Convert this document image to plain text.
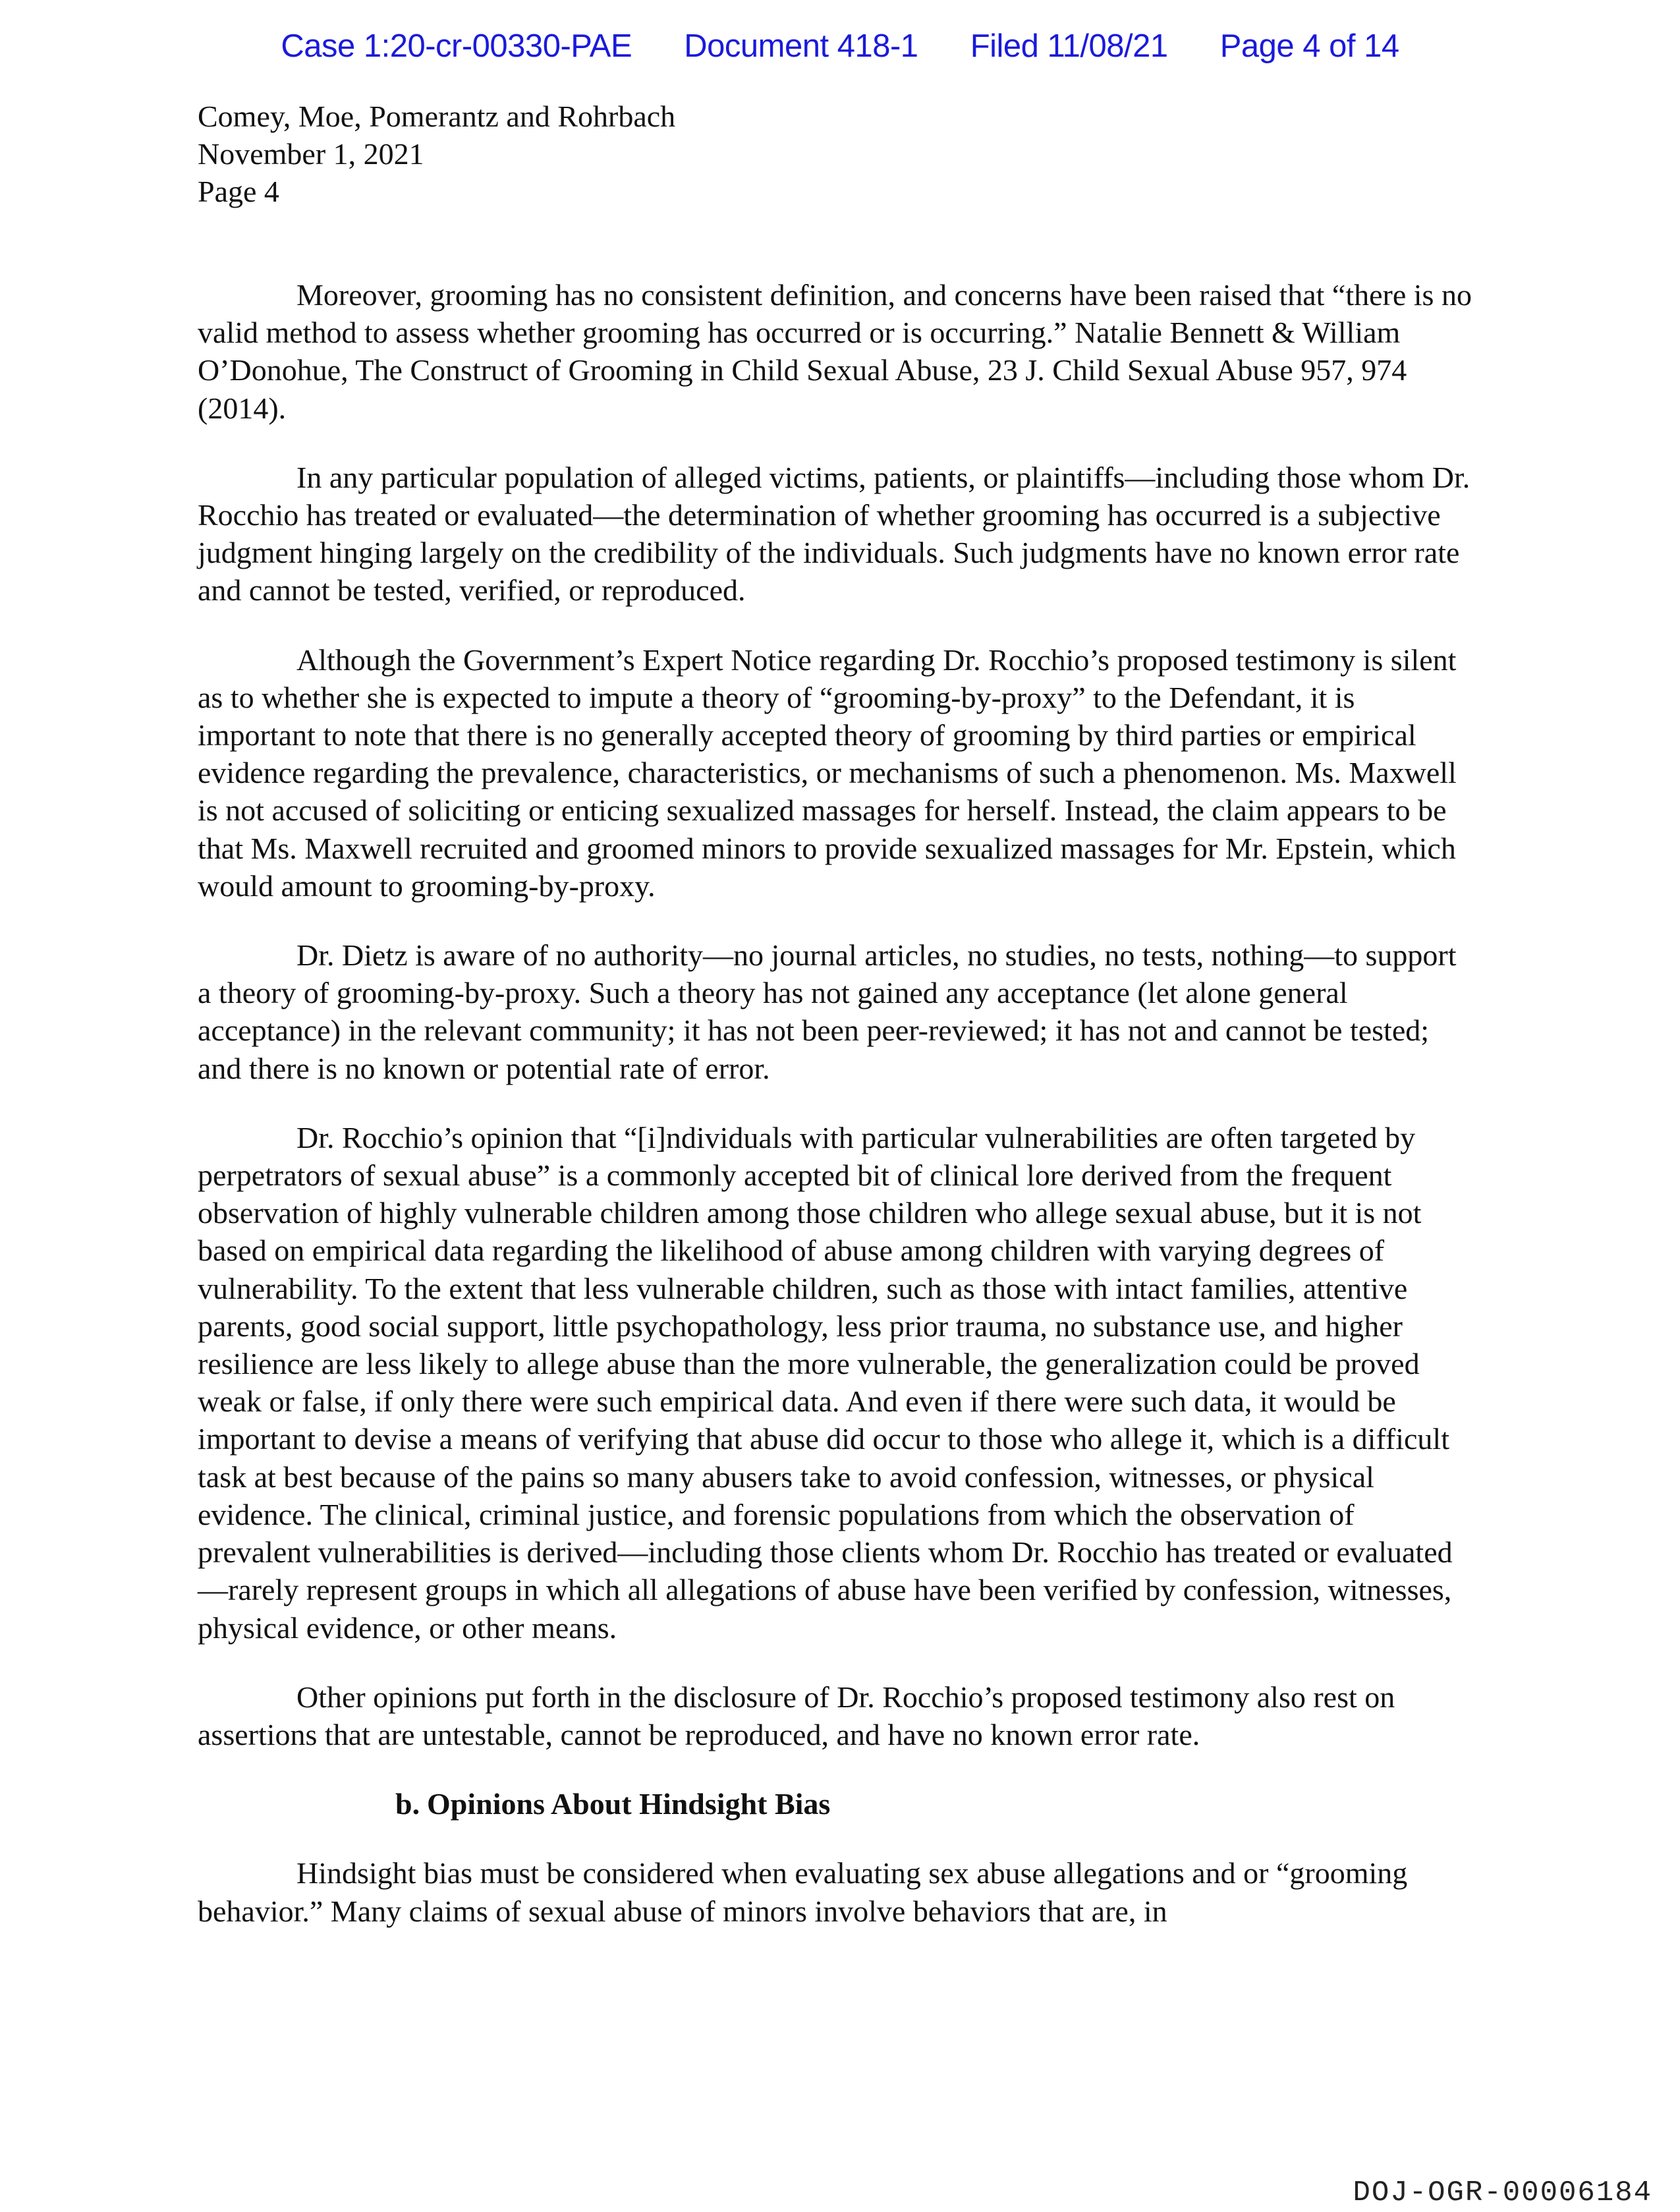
Case 1:20-cr-00330-PAE Document 418-1 Filed 11/08/21 Page 4 of 14
Comey, Moe, Pomerantz and Rohrbach
November 1, 2021
Page 4

Moreover, grooming has no consistent definition, and concerns have been raised that “there is no valid method to assess whether grooming has occurred or is occurring.” Natalie Bennett & William O’Donohue, The Construct of Grooming in Child Sexual Abuse, 23 J. Child Sexual Abuse 957, 974 (2014).

In any particular population of alleged victims, patients, or plaintiffs—including those whom Dr. Rocchio has treated or evaluated—the determination of whether grooming has occurred is a subjective judgment hinging largely on the credibility of the individuals. Such judgments have no known error rate and cannot be tested, verified, or reproduced.

Although the Government’s Expert Notice regarding Dr. Rocchio’s proposed testimony is silent as to whether she is expected to impute a theory of “grooming-by-proxy” to the Defendant, it is important to note that there is no generally accepted theory of grooming by third parties or empirical evidence regarding the prevalence, characteristics, or mechanisms of such a phenomenon. Ms. Maxwell is not accused of soliciting or enticing sexualized massages for herself. Instead, the claim appears to be that Ms. Maxwell recruited and groomed minors to provide sexualized massages for Mr. Epstein, which would amount to grooming-by-proxy.

Dr. Dietz is aware of no authority—no journal articles, no studies, no tests, nothing—to support a theory of grooming-by-proxy. Such a theory has not gained any acceptance (let alone general acceptance) in the relevant community; it has not been peer-reviewed; it has not and cannot be tested; and there is no known or potential rate of error.

Dr. Rocchio’s opinion that “[i]ndividuals with particular vulnerabilities are often targeted by perpetrators of sexual abuse” is a commonly accepted bit of clinical lore derived from the frequent observation of highly vulnerable children among those children who allege sexual abuse, but it is not based on empirical data regarding the likelihood of abuse among children with varying degrees of vulnerability. To the extent that less vulnerable children, such as those with intact families, attentive parents, good social support, little psychopathology, less prior trauma, no substance use, and higher resilience are less likely to allege abuse than the more vulnerable, the generalization could be proved weak or false, if only there were such empirical data. And even if there were such data, it would be important to devise a means of verifying that abuse did occur to those who allege it, which is a difficult task at best because of the pains so many abusers take to avoid confession, witnesses, or physical evidence. The clinical, criminal justice, and forensic populations from which the observation of prevalent vulnerabilities is derived—including those clients whom Dr. Rocchio has treated or evaluated—rarely represent groups in which all allegations of abuse have been verified by confession, witnesses, physical evidence, or other means.

Other opinions put forth in the disclosure of Dr. Rocchio’s proposed testimony also rest on assertions that are untestable, cannot be reproduced, and have no known error rate.

b. Opinions About Hindsight Bias

Hindsight bias must be considered when evaluating sex abuse allegations and or “grooming behavior.” Many claims of sexual abuse of minors involve behaviors that are, in

DOJ-OGR-00006184
